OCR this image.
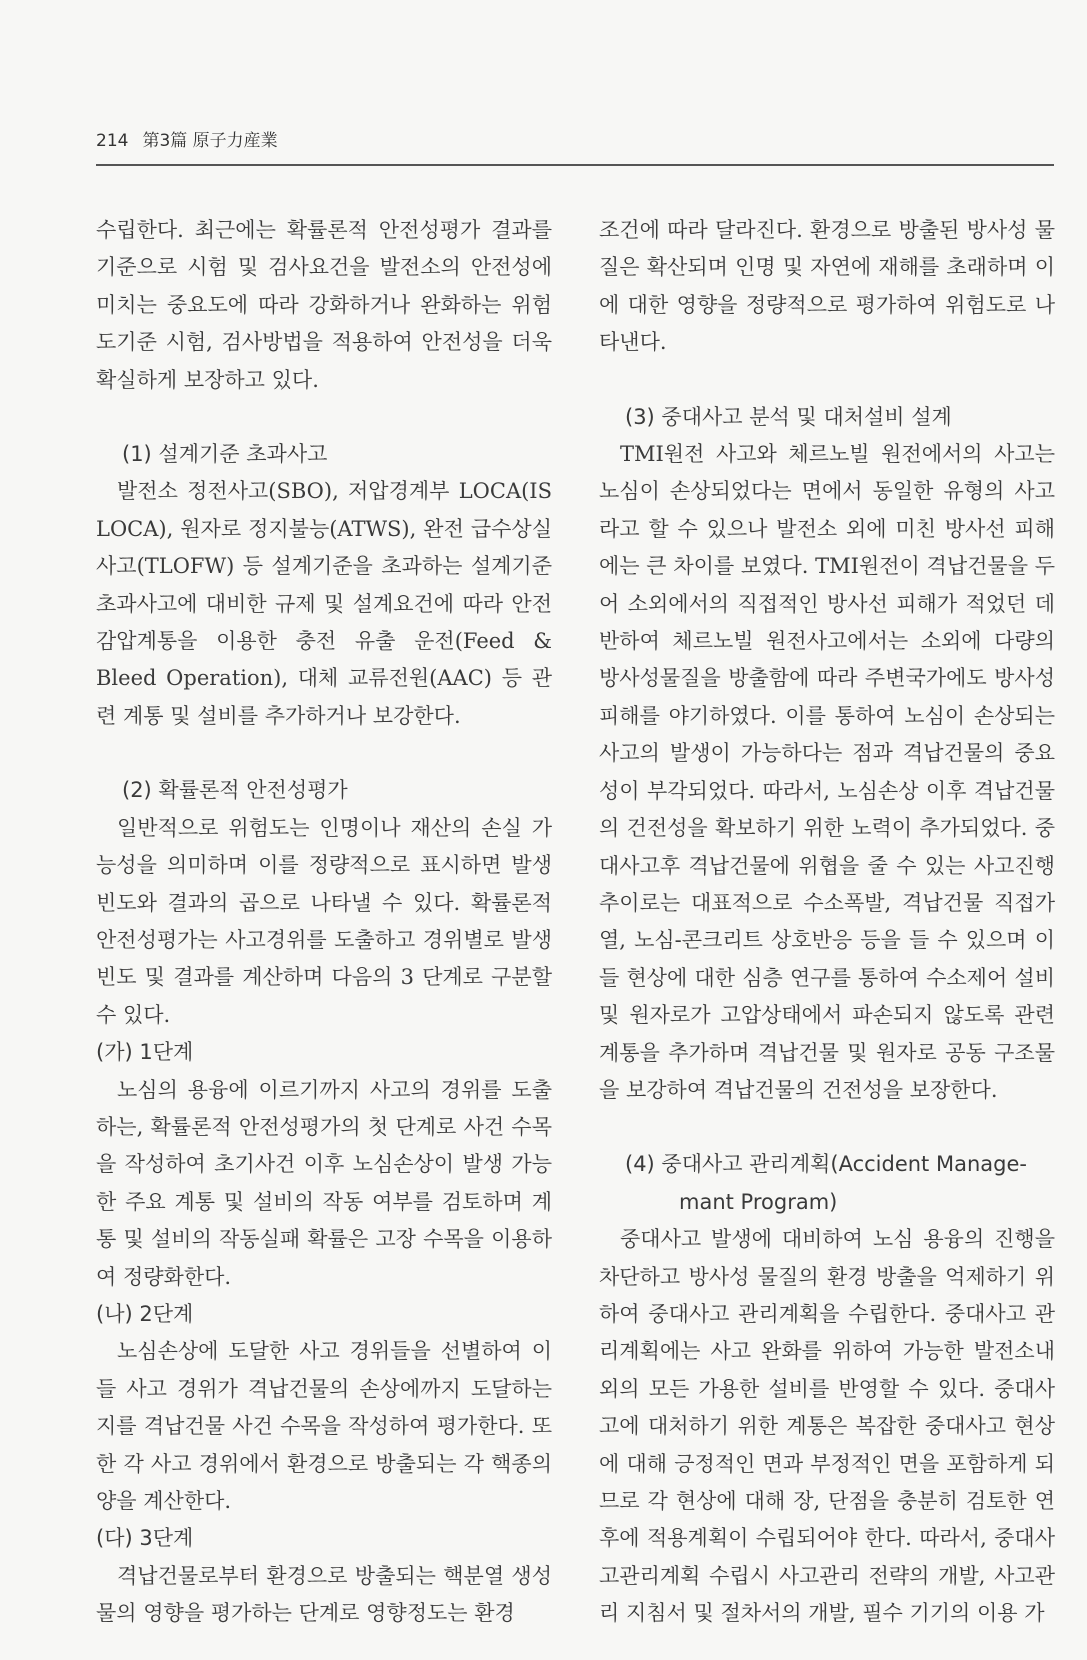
214 第3篇 原子力産業

수립한다. 최근에는 확률론적 안전성평가 결과를 기준으로 시험 및 검사요건을 발전소의 안전성에 미치는 중요도에 따라 강화하거나 완화하는 위험도기준 시험, 검사방법을 적용하여 안전성을 더욱 확실하게 보장하고 있다.

(1) 설계기준 초과사고

발전소 정전사고(SBO), 저압경계부 LOCA(IS LOCA), 원자로 정지불능(ATWS), 완전 급수상실 사고(TLOFW) 등 설계기준을 초과하는 설계기준 초과사고에 대비한 규제 및 설계요건에 따라 안전 감압계통을 이용한 충전 유출 운전(Feed & Bleed Operation), 대체 교류전원(AAC) 등 관련 계통 및 설비를 추가하거나 보강한다.

(2) 확률론적 안전성평가

일반적으로 위험도는 인명이나 재산의 손실 가능성을 의미하며 이를 정량적으로 표시하면 발생빈도와 결과의 곱으로 나타낼 수 있다. 확률론적 안전성평가는 사고경위를 도출하고 경위별로 발생빈도 및 결과를 계산하며 다음의 3 단계로 구분할 수 있다.

(가) 1단계

노심의 용융에 이르기까지 사고의 경위를 도출하는, 확률론적 안전성평가의 첫 단계로 사건 수목을 작성하여 초기사건 이후 노심손상이 발생 가능한 주요 계통 및 설비의 작동 여부를 검토하며 계통 및 설비의 작동실패 확률은 고장 수목을 이용하여 정량화한다.

(나) 2단계

노심손상에 도달한 사고 경위들을 선별하여 이들 사고 경위가 격납건물의 손상에까지 도달하는지를 격납건물 사건 수목을 작성하여 평가한다. 또한 각 사고 경위에서 환경으로 방출되는 각 핵종의 양을 계산한다.

(다) 3단계

격납건물로부터 환경으로 방출되는 핵분열 생성물의 영향을 평가하는 단계로 영향정도는 환경

조건에 따라 달라진다. 환경으로 방출된 방사성 물질은 확산되며 인명 및 자연에 재해를 초래하며 이에 대한 영향을 정량적으로 평가하여 위험도로 나타낸다.

(3) 중대사고 분석 및 대처설비 설계

TMI원전 사고와 체르노빌 원전에서의 사고는 노심이 손상되었다는 면에서 동일한 유형의 사고라고 할 수 있으나 발전소 외에 미친 방사선 피해에는 큰 차이를 보였다. TMI원전이 격납건물을 두어 소외에서의 직접적인 방사선 피해가 적었던 데 반하여 체르노빌 원전사고에서는 소외에 다량의 방사성물질을 방출함에 따라 주변국가에도 방사성 피해를 야기하였다. 이를 통하여 노심이 손상되는 사고의 발생이 가능하다는 점과 격납건물의 중요성이 부각되었다. 따라서, 노심손상 이후 격납건물의 건전성을 확보하기 위한 노력이 추가되었다. 중대사고후 격납건물에 위협을 줄 수 있는 사고진행 추이로는 대표적으로 수소폭발, 격납건물 직접가열, 노심-콘크리트 상호반응 등을 들 수 있으며 이들 현상에 대한 심층 연구를 통하여 수소제어 설비 및 원자로가 고압상태에서 파손되지 않도록 관련 계통을 추가하며 격납건물 및 원자로 공동 구조물을 보강하여 격납건물의 건전성을 보장한다.

(4) 중대사고 관리계획(Accident Manage-
mant Program)

중대사고 발생에 대비하여 노심 용융의 진행을 차단하고 방사성 물질의 환경 방출을 억제하기 위하여 중대사고 관리계획을 수립한다. 중대사고 관리계획에는 사고 완화를 위하여 가능한 발전소내외의 모든 가용한 설비를 반영할 수 있다. 중대사고에 대처하기 위한 계통은 복잡한 중대사고 현상에 대해 긍정적인 면과 부정적인 면을 포함하게 되므로 각 현상에 대해 장, 단점을 충분히 검토한 연후에 적용계획이 수립되어야 한다. 따라서, 중대사고관리계획 수립시 사고관리 전략의 개발, 사고관리 지침서 및 절차서의 개발, 필수 기기의 이용 가
